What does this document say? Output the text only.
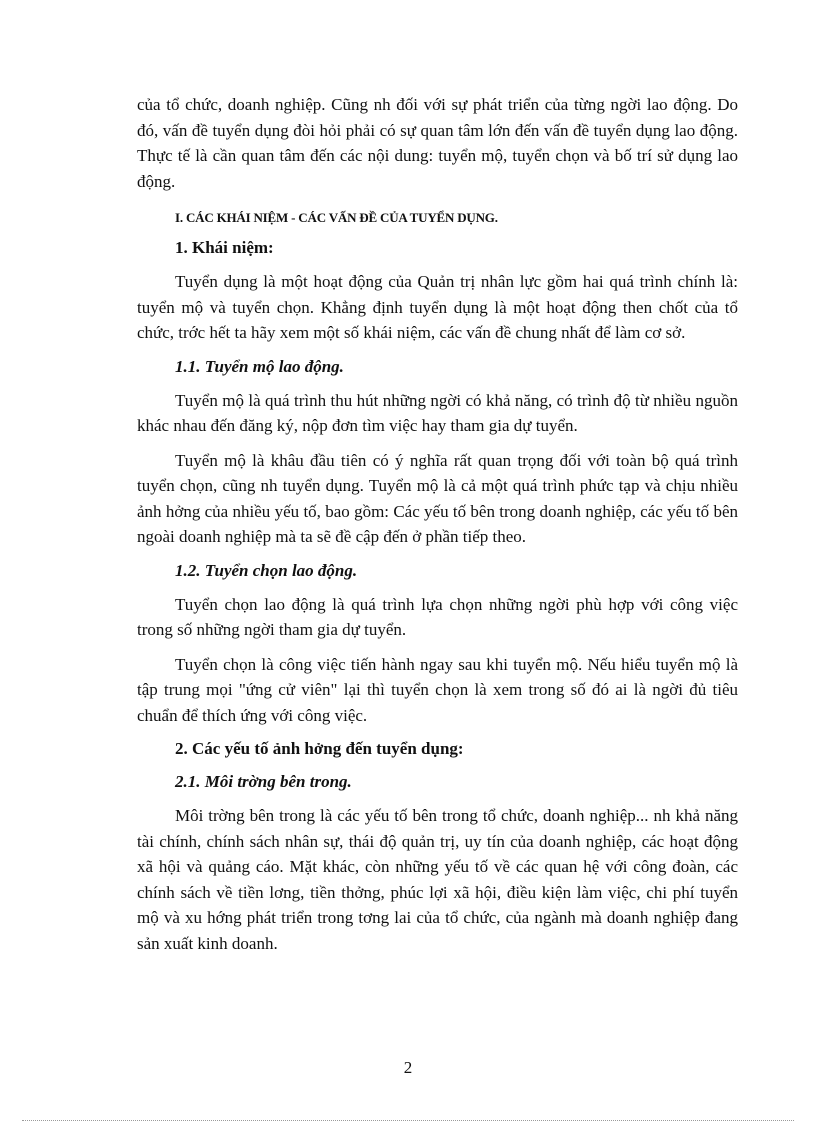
của tổ chức, doanh nghiệp. Cũng nh đối với sự phát triển của từng ngời lao động. Do đó, vấn đề tuyển dụng đòi hỏi phải có sự quan tâm lớn đến vấn đề tuyển dụng lao động. Thực tế là cần quan tâm đến các nội dung: tuyển mộ, tuyển chọn và bố trí sử dụng lao động.

I. CÁC KHÁI NIỆM - CÁC VẤN ĐỀ CỦA TUYỂN DỤNG.
1. Khái niệm:

Tuyển dụng là một hoạt động của Quản trị nhân lực gồm hai quá trình chính là: tuyển mộ và tuyển chọn. Khẳng định tuyển dụng là một hoạt động then chốt của tổ chức, trớc hết ta hãy xem một số khái niệm, các vấn đề chung nhất để làm cơ sở.

1.1. Tuyển mộ lao động.

Tuyển mộ là quá trình thu hút những ngời có khả năng, có trình độ từ nhiều nguồn khác nhau đến đăng ký, nộp đơn tìm việc hay tham gia dự tuyển.

Tuyển mộ là khâu đầu tiên có ý nghĩa rất quan trọng đối với toàn bộ quá trình tuyển chọn, cũng nh tuyển dụng. Tuyển mộ là cả một quá trình phức tạp và chịu nhiều ảnh hởng của nhiều yếu tố, bao gồm: Các yếu tố bên trong doanh nghiệp, các yếu tố bên ngoài doanh nghiệp mà ta sẽ đề cập đến ở phần tiếp theo.

1.2. Tuyển chọn lao động.

Tuyển chọn lao động là quá trình lựa chọn những ngời phù hợp với công việc trong số những ngời tham gia dự tuyển.

Tuyển chọn là công việc tiến hành ngay sau khi tuyển mộ. Nếu hiểu tuyển mộ là tập trung mọi "ứng cử viên" lại thì tuyển chọn là xem trong số đó ai là ngời đủ tiêu chuẩn để thích ứng với công việc.

2. Các yếu tố ảnh hởng đến tuyển dụng:
2.1. Môi trờng bên trong.

Môi trờng bên trong là các yếu tố bên trong tổ chức, doanh nghiệp... nh khả năng tài chính, chính sách nhân sự, thái độ quản trị, uy tín của doanh nghiệp, các hoạt động xã hội và quảng cáo. Mặt khác, còn những yếu tố về các quan hệ với công đoàn, các chính sách về tiền lơng, tiền thởng, phúc lợi xã hội, điều kiện làm việc, chi phí tuyển mộ và xu hớng phát triển trong tơng lai của tổ chức, của ngành mà doanh nghiệp đang sản xuất kinh doanh.

2
